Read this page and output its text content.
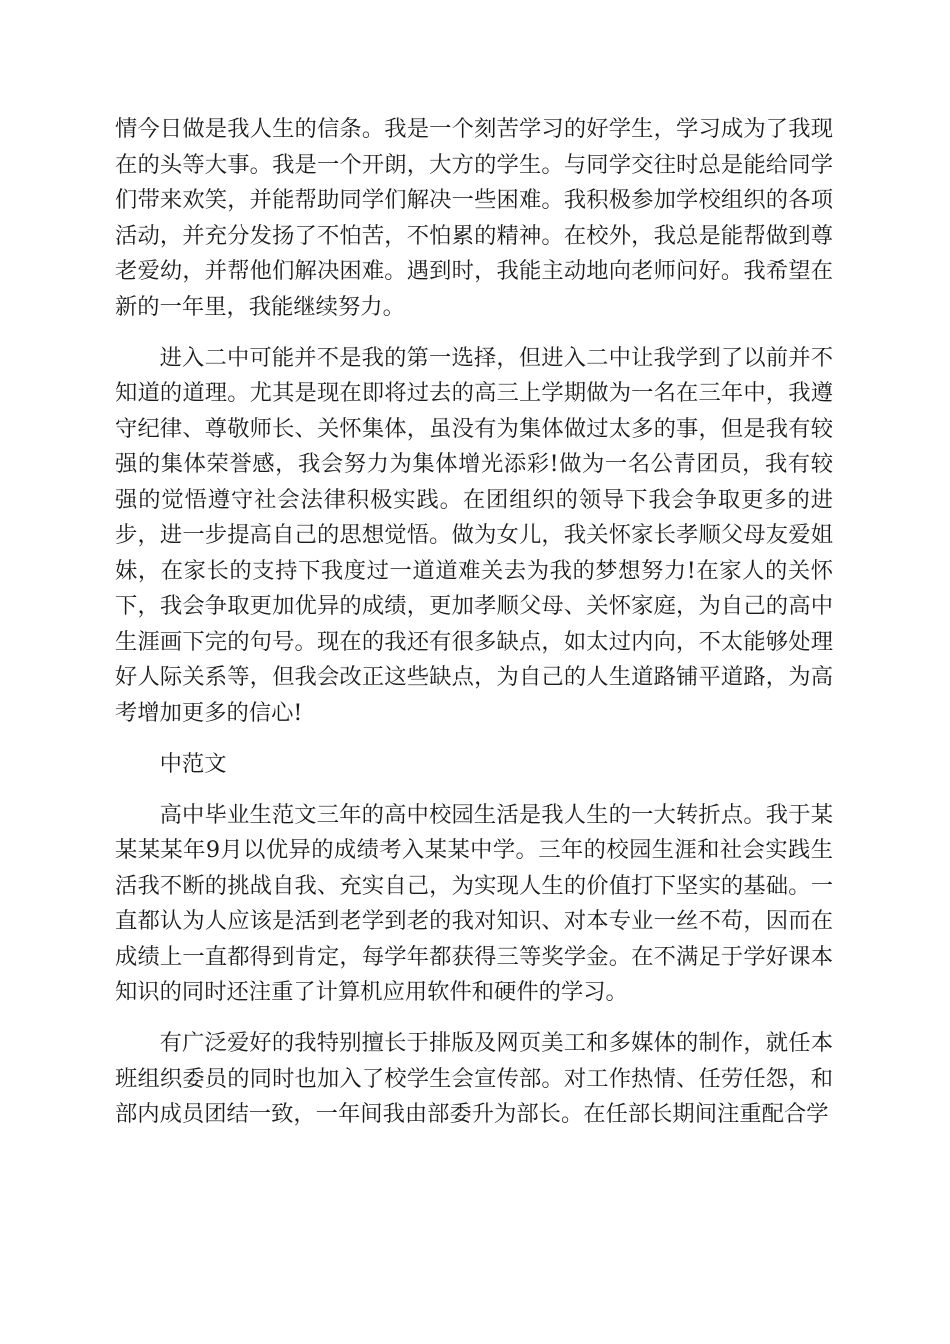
情今日做是我人生的信条。我是一个刻苦学习的好学生，学习成为了我现在的头等大事。我是一个开朗，大方的学生。与同学交往时总是能给同学们带来欢笑，并能帮助同学们解决一些困难。我积极参加学校组织的各项活动，并充分发扬了不怕苦，不怕累的精神。在校外，我总是能帮做到尊老爱幼，并帮他们解决困难。遇到时，我能主动地向老师问好。我希望在新的一年里，我能继续努力。

进入二中可能并不是我的第一选择，但进入二中让我学到了以前并不知道的道理。尤其是现在即将过去的高三上学期做为一名在三年中，我遵守纪律、尊敬师长、关怀集体，虽没有为集体做过太多的事，但是我有较强的集体荣誉感，我会努力为集体增光添彩!做为一名公青团员，我有较强的觉悟遵守社会法律积极实践。在团组织的领导下我会争取更多的进步，进一步提高自己的思想觉悟。做为女儿，我关怀家长孝顺父母友爱姐妹，在家长的支持下我度过一道道难关去为我的梦想努力!在家人的关怀下，我会争取更加优异的成绩，更加孝顺父母、关怀家庭，为自己的高中生涯画下完的句号。现在的我还有很多缺点，如太过内向，不太能够处理好人际关系等，但我会改正这些缺点，为自己的人生道路铺平道路，为高考增加更多的信心!

中范文

高中毕业生范文三年的高中校园生活是我人生的一大转折点。我于某某某某年9月以优异的成绩考入某某中学。三年的校园生涯和社会实践生活我不断的挑战自我、充实自己，为实现人生的价值打下坚实的基础。一直都认为人应该是活到老学到老的我对知识、对本专业一丝不苟，因而在成绩上一直都得到肯定，每学年都获得三等奖学金。在不满足于学好课本知识的同时还注重了计算机应用软件和硬件的学习。

有广泛爱好的我特别擅长于排版及网页美工和多媒体的制作，就任本班组织委员的同时也加入了校学生会宣传部。对工作热情、任劳任怨，和部内成员团结一致，一年间我由部委升为部长。在任部长期间注重配合学
